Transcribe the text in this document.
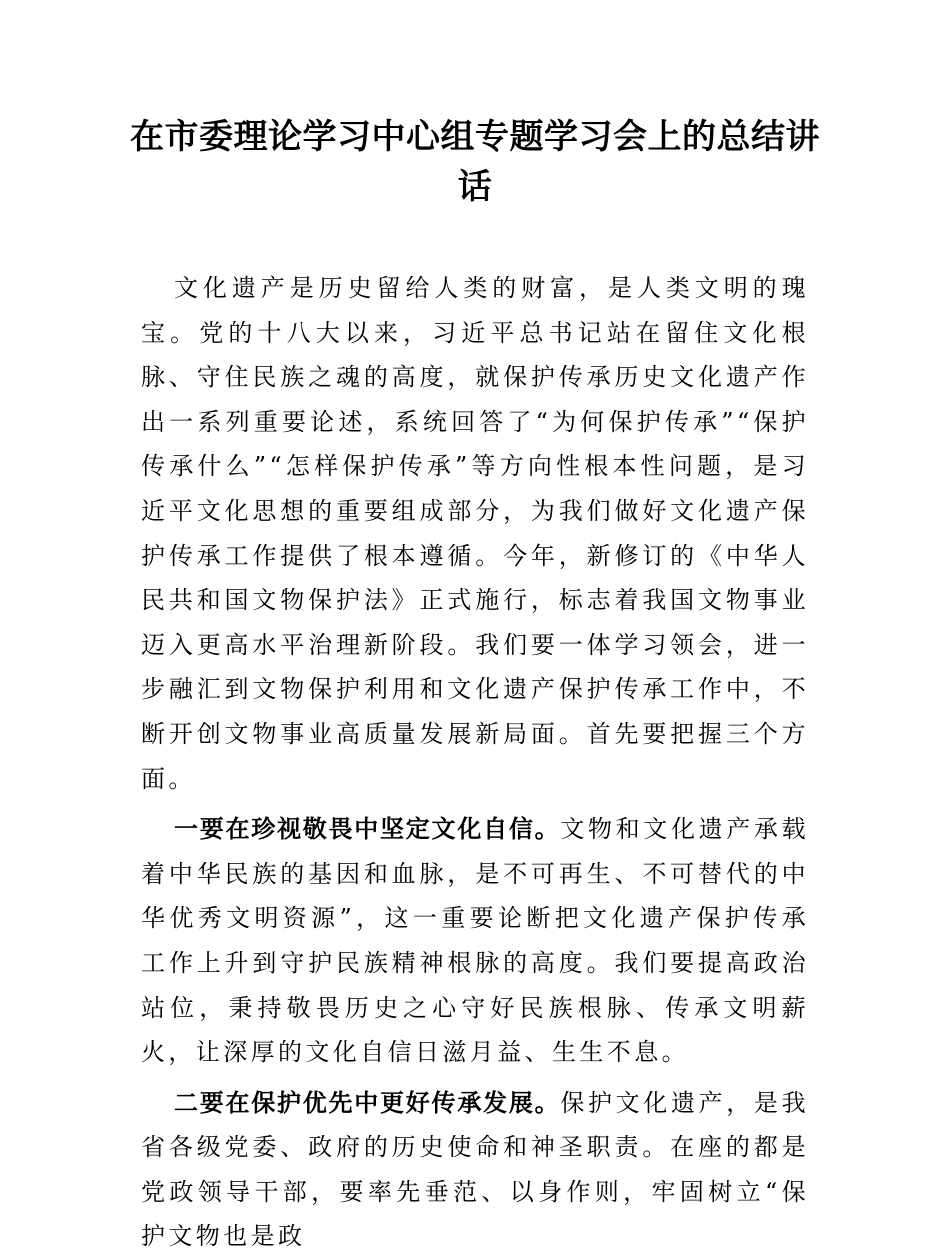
在市委理论学习中心组专题学习会上的总结讲话

文化遗产是历史留给人类的财富，是人类文明的瑰宝。党的十八大以来，习近平总书记站在留住文化根脉、守住民族之魂的高度，就保护传承历史文化遗产作出一系列重要论述，系统回答了“为何保护传承”“保护传承什么”“怎样保护传承”等方向性根本性问题，是习近平文化思想的重要组成部分，为我们做好文化遗产保护传承工作提供了根本遵循。今年，新修订的《中华人民共和国文物保护法》正式施行，标志着我国文物事业迈入更高水平治理新阶段。我们要一体学习领会，进一步融汇到文物保护利用和文化遗产保护传承工作中，不断开创文物事业高质量发展新局面。首先要把握三个方面。

一要在珍视敬畏中坚定文化自信。文物和文化遗产承载着中华民族的基因和血脉，是不可再生、不可替代的中华优秀文明资源”，这一重要论断把文化遗产保护传承工作上升到守护民族精神根脉的高度。我们要提高政治站位，秉持敬畏历史之心守好民族根脉、传承文明薪火，让深厚的文化自信日滋月益、生生不息。

二要在保护优先中更好传承发展。保护文化遗产，是我省各级党委、政府的历史使命和神圣职责。在座的都是党政领导干部，要率先垂范、以身作则，牢固树立“保护文物也是政
